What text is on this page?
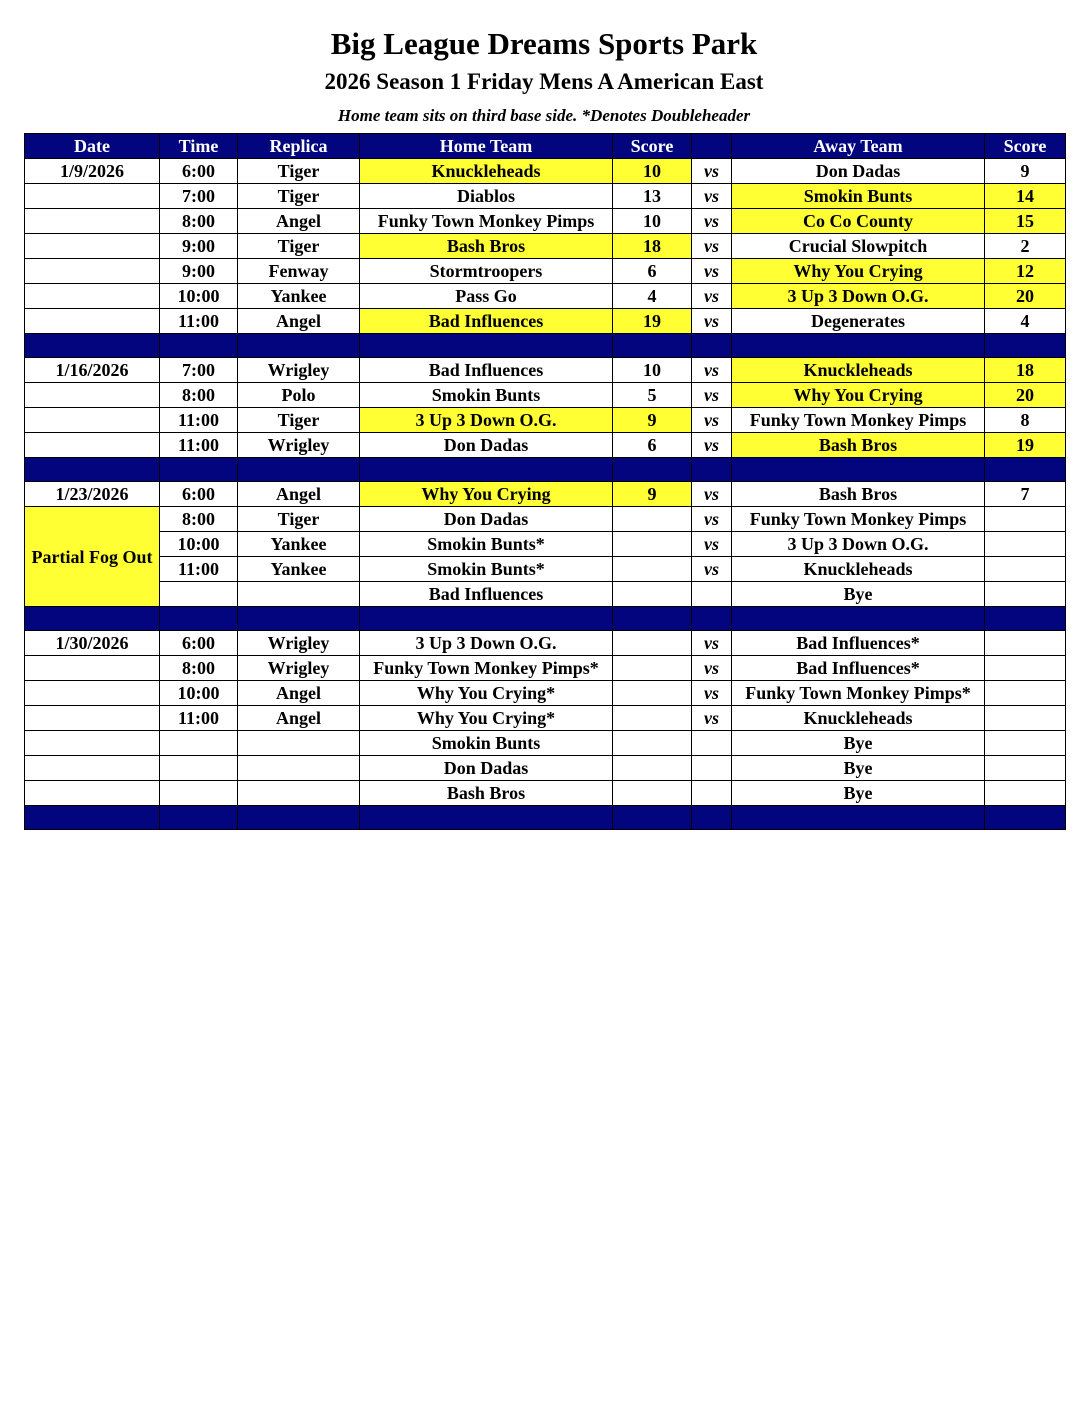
Big League Dreams Sports Park
2026 Season 1 Friday Mens A American East
Home team sits on third base side. *Denotes Doubleheader
Date	Time	Replica	Home Team	Score		Away Team	Score
1/9/2026	6:00	Tiger	Knuckleheads	10	vs	Don Dadas	9
	7:00	Tiger	Diablos	13	vs	Smokin Bunts	14
	8:00	Angel	Funky Town Monkey Pimps	10	vs	Co Co County	15
	9:00	Tiger	Bash Bros	18	vs	Crucial Slowpitch	2
	9:00	Fenway	Stormtroopers	6	vs	Why You Crying	12
	10:00	Yankee	Pass Go	4	vs	3 Up 3 Down O.G.	20
	11:00	Angel	Bad Influences	19	vs	Degenerates	4

1/16/2026	7:00	Wrigley	Bad Influences	10	vs	Knuckleheads	18
	8:00	Polo	Smokin Bunts	5	vs	Why You Crying	20
	11:00	Tiger	3 Up 3 Down O.G.	9	vs	Funky Town Monkey Pimps	8
	11:00	Wrigley	Don Dadas	6	vs	Bash Bros	19

1/23/2026	6:00	Angel	Why You Crying	9	vs	Bash Bros	7
Partial Fog Out	8:00	Tiger	Don Dadas		vs	Funky Town Monkey Pimps	
	10:00	Yankee	Smokin Bunts*		vs	3 Up 3 Down O.G.	
	11:00	Yankee	Smokin Bunts*		vs	Knuckleheads	
			Bad Influences			Bye	

1/30/2026	6:00	Wrigley	3 Up 3 Down O.G.		vs	Bad Influences*	
	8:00	Wrigley	Funky Town Monkey Pimps*		vs	Bad Influences*	
	10:00	Angel	Why You Crying*		vs	Funky Town Monkey Pimps*	
	11:00	Angel	Why You Crying*		vs	Knuckleheads	
			Smokin Bunts			Bye	
			Don Dadas			Bye	
			Bash Bros			Bye	
